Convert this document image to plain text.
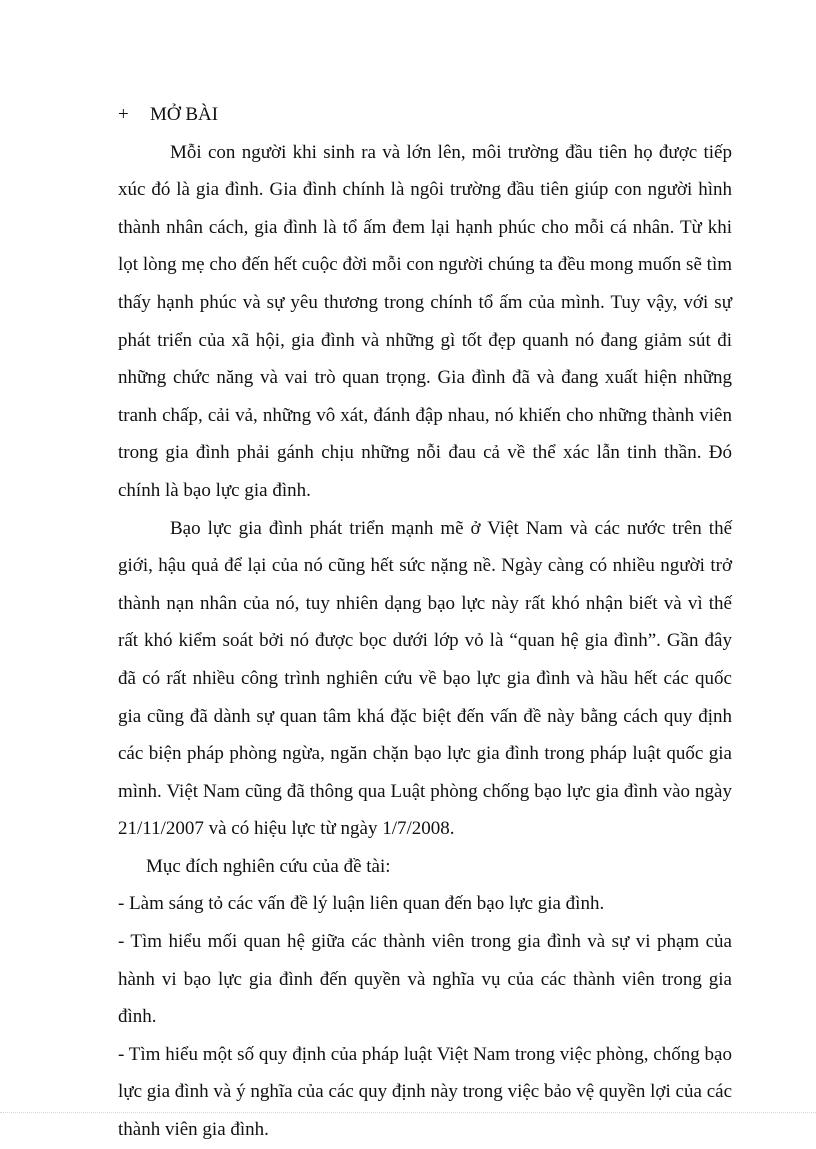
+ MỞ BÀI

Mỗi con người khi sinh ra và lớn lên, môi trường đầu tiên họ được tiếp xúc đó là gia đình. Gia đình chính là ngôi trường đầu tiên giúp con người hình thành nhân cách, gia đình là tổ ấm đem lại hạnh phúc cho mỗi cá nhân. Từ khi lọt lòng mẹ cho đến hết cuộc đời mỗi con người chúng ta đều mong muốn sẽ tìm thấy hạnh phúc và sự yêu thương trong chính tổ ấm của mình. Tuy vậy, với sự phát triển của xã hội, gia đình và những gì tốt đẹp quanh nó đang giảm sút đi những chức năng và vai trò quan trọng. Gia đình đã và đang xuất hiện những tranh chấp, cải vả, những vô xát, đánh đập nhau, nó khiến cho những thành viên trong gia đình phải gánh chịu những nỗi đau cả về thể xác lẫn tinh thần. Đó chính là bạo lực gia đình.

Bạo lực gia đình phát triển mạnh mẽ ở Việt Nam và các nước trên thế giới, hậu quả để lại của nó cũng hết sức nặng nề. Ngày càng có nhiều người trở thành nạn nhân của nó, tuy nhiên dạng bạo lực này rất khó nhận biết và vì thế rất khó kiểm soát bởi nó được bọc dưới lớp vỏ là “quan hệ gia đình”. Gần đây đã có rất nhiều công trình nghiên cứu về bạo lực gia đình và hầu hết các quốc gia cũng đã dành sự quan tâm khá đặc biệt đến vấn đề này bằng cách quy định các biện pháp phòng ngừa, ngăn chặn bạo lực gia đình trong pháp luật quốc gia mình. Việt Nam cũng đã thông qua Luật phòng chống bạo lực gia đình vào ngày 21/11/2007 và có hiệu lực từ ngày 1/7/2008.

Mục đích nghiên cứu của đề tài:

- Làm sáng tỏ các vấn đề lý luận liên quan đến bạo lực gia đình.

- Tìm hiểu mối quan hệ giữa các thành viên trong gia đình và sự vi phạm của hành vi bạo lực gia đình đến quyền và nghĩa vụ của các thành viên trong gia đình.

- Tìm hiểu một số quy định của pháp luật Việt Nam trong việc phòng, chống bạo lực gia đình và ý nghĩa của các quy định này trong việc bảo vệ quyền lợi của các thành viên gia đình.
